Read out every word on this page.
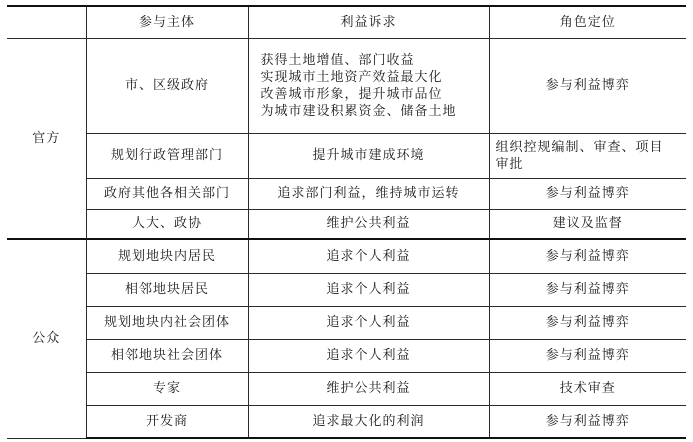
	参与主体	利益诉求	角色定位
官方	市、区级政府	获得土地增值、部门收益
实现城市土地资产效益最大化
改善城市形象，提升城市品位
为城市建设积累资金、储备土地	参与利益博弈
	规划行政管理部门	提升城市建成环境	组织控规编制、审查、项目
审批

	政府其他各相关部门	追求部门利益，维持城市运转	参与利益博弈
	人大、政协	维护公共利益	建议及监督
公众	规划地块内居民	追求个人利益	参与利益博弈
	相邻地块居民	追求个人利益	参与利益博弈
	规划地块内社会团体	追求个人利益	参与利益博弈
	相邻地块社会团体	追求个人利益	参与利益博弈
	专家	维护公共利益	技术审查
	开发商	追求最大化的利润	参与利益博弈
